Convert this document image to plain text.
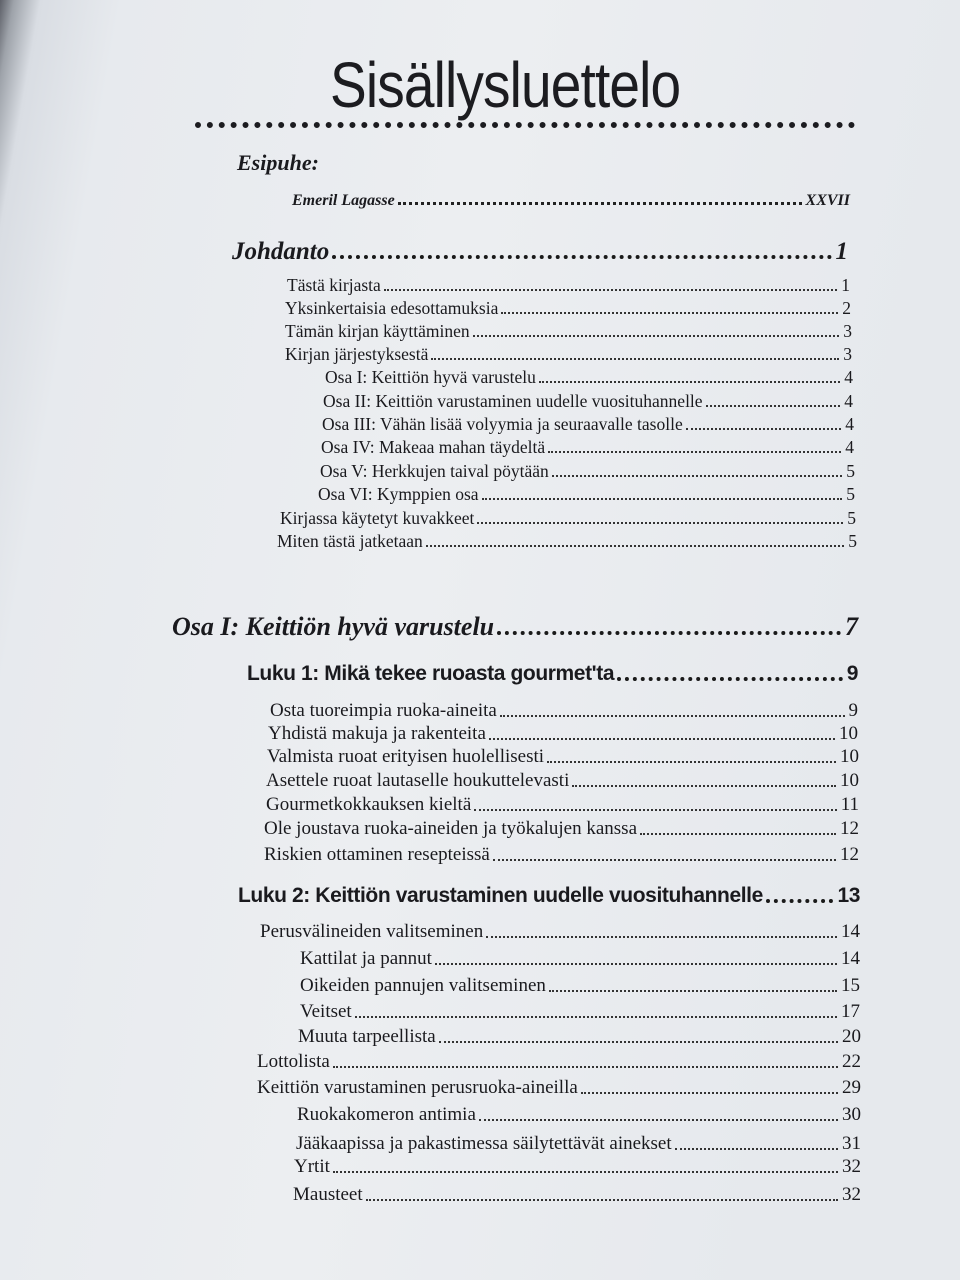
Sisällysluettelo
Esipuhe:
Emeril Lagasse	XXVII
Johdanto	1
Tästä kirjasta	1
Yksinkertaisia edesottamuksia	2
Tämän kirjan käyttäminen	3
Kirjan järjestyksestä	3
Osa I: Keittiön hyvä varustelu	4
Osa II: Keittiön varustaminen uudelle vuosituhannelle	4
Osa III: Vähän lisää volyymia ja seuraavalle tasolle	4
Osa IV: Makeaa mahan täydeltä	4
Osa V: Herkkujen taival pöytään	5
Osa VI: Kymppien osa	5
Kirjassa käytetyt kuvakkeet	5
Miten tästä jatketaan	5
Osa I: Keittiön hyvä varustelu	7
Luku 1: Mikä tekee ruoasta gourmet'ta	9
Osta tuoreimpia ruoka-aineita	9
Yhdistä makuja ja rakenteita	10
Valmista ruoat erityisen huolellisesti	10
Asettele ruoat lautaselle houkuttelevasti	10
Gourmetkokkauksen kieltä	11
Ole joustava ruoka-aineiden ja työkalujen kanssa	12
Riskien ottaminen resepteissä	12
Luku 2: Keittiön varustaminen uudelle vuosituhannelle	13
Perusvälineiden valitseminen	14
Kattilat ja pannut	14
Oikeiden pannujen valitseminen	15
Veitset	17
Muuta tarpeellista	20
Lottolista	22
Keittiön varustaminen perusruoka-aineilla	29
Ruokakomeron antimia	30
Jääkaapissa ja pakastimessa säilytettävät ainekset	31
Yrtit	32
Mausteet	32
